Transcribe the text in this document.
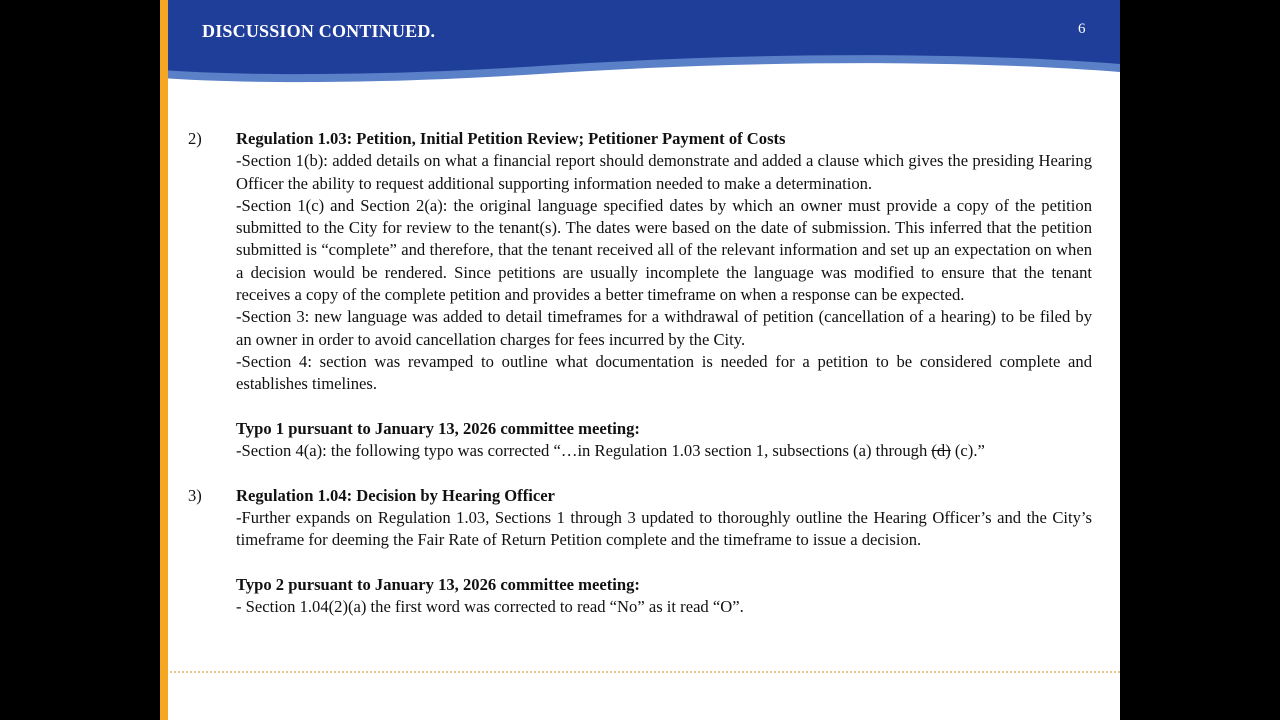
DISCUSSION CONTINUED.	6
2)	Regulation 1.03: Petition, Initial Petition Review; Petitioner Payment of Costs
-Section 1(b): added details on what a financial report should demonstrate and added a clause which gives the presiding Hearing Officer the ability to request additional supporting information needed to make a determination.
-Section 1(c) and Section 2(a): the original language specified dates by which an owner must provide a copy of the petition submitted to the City for review to the tenant(s). The dates were based on the date of submission. This inferred that the petition submitted is “complete” and therefore, that the tenant received all of the relevant information and set up an expectation on when a decision would be rendered. Since petitions are usually incomplete the language was modified to ensure that the tenant receives a copy of the complete petition and provides a better timeframe on when a response can be expected.
-Section 3: new language was added to detail timeframes for a withdrawal of petition (cancellation of a hearing) to be filed by an owner in order to avoid cancellation charges for fees incurred by the City.
-Section 4: section was revamped to outline what documentation is needed for a petition to be considered complete and establishes timelines.
Typo 1 pursuant to January 13, 2026 committee meeting:
-Section 4(a): the following typo was corrected “…in Regulation 1.03 section 1, subsections (a) through (d) (c).”
3)	Regulation 1.04: Decision by Hearing Officer
-Further expands on Regulation 1.03, Sections 1 through 3 updated to thoroughly outline the Hearing Officer’s and the City’s timeframe for deeming the Fair Rate of Return Petition complete and the timeframe to issue a decision.
Typo 2 pursuant to January 13, 2026 committee meeting:
- Section 1.04(2)(a) the first word was corrected to read “No” as it read “O”.
